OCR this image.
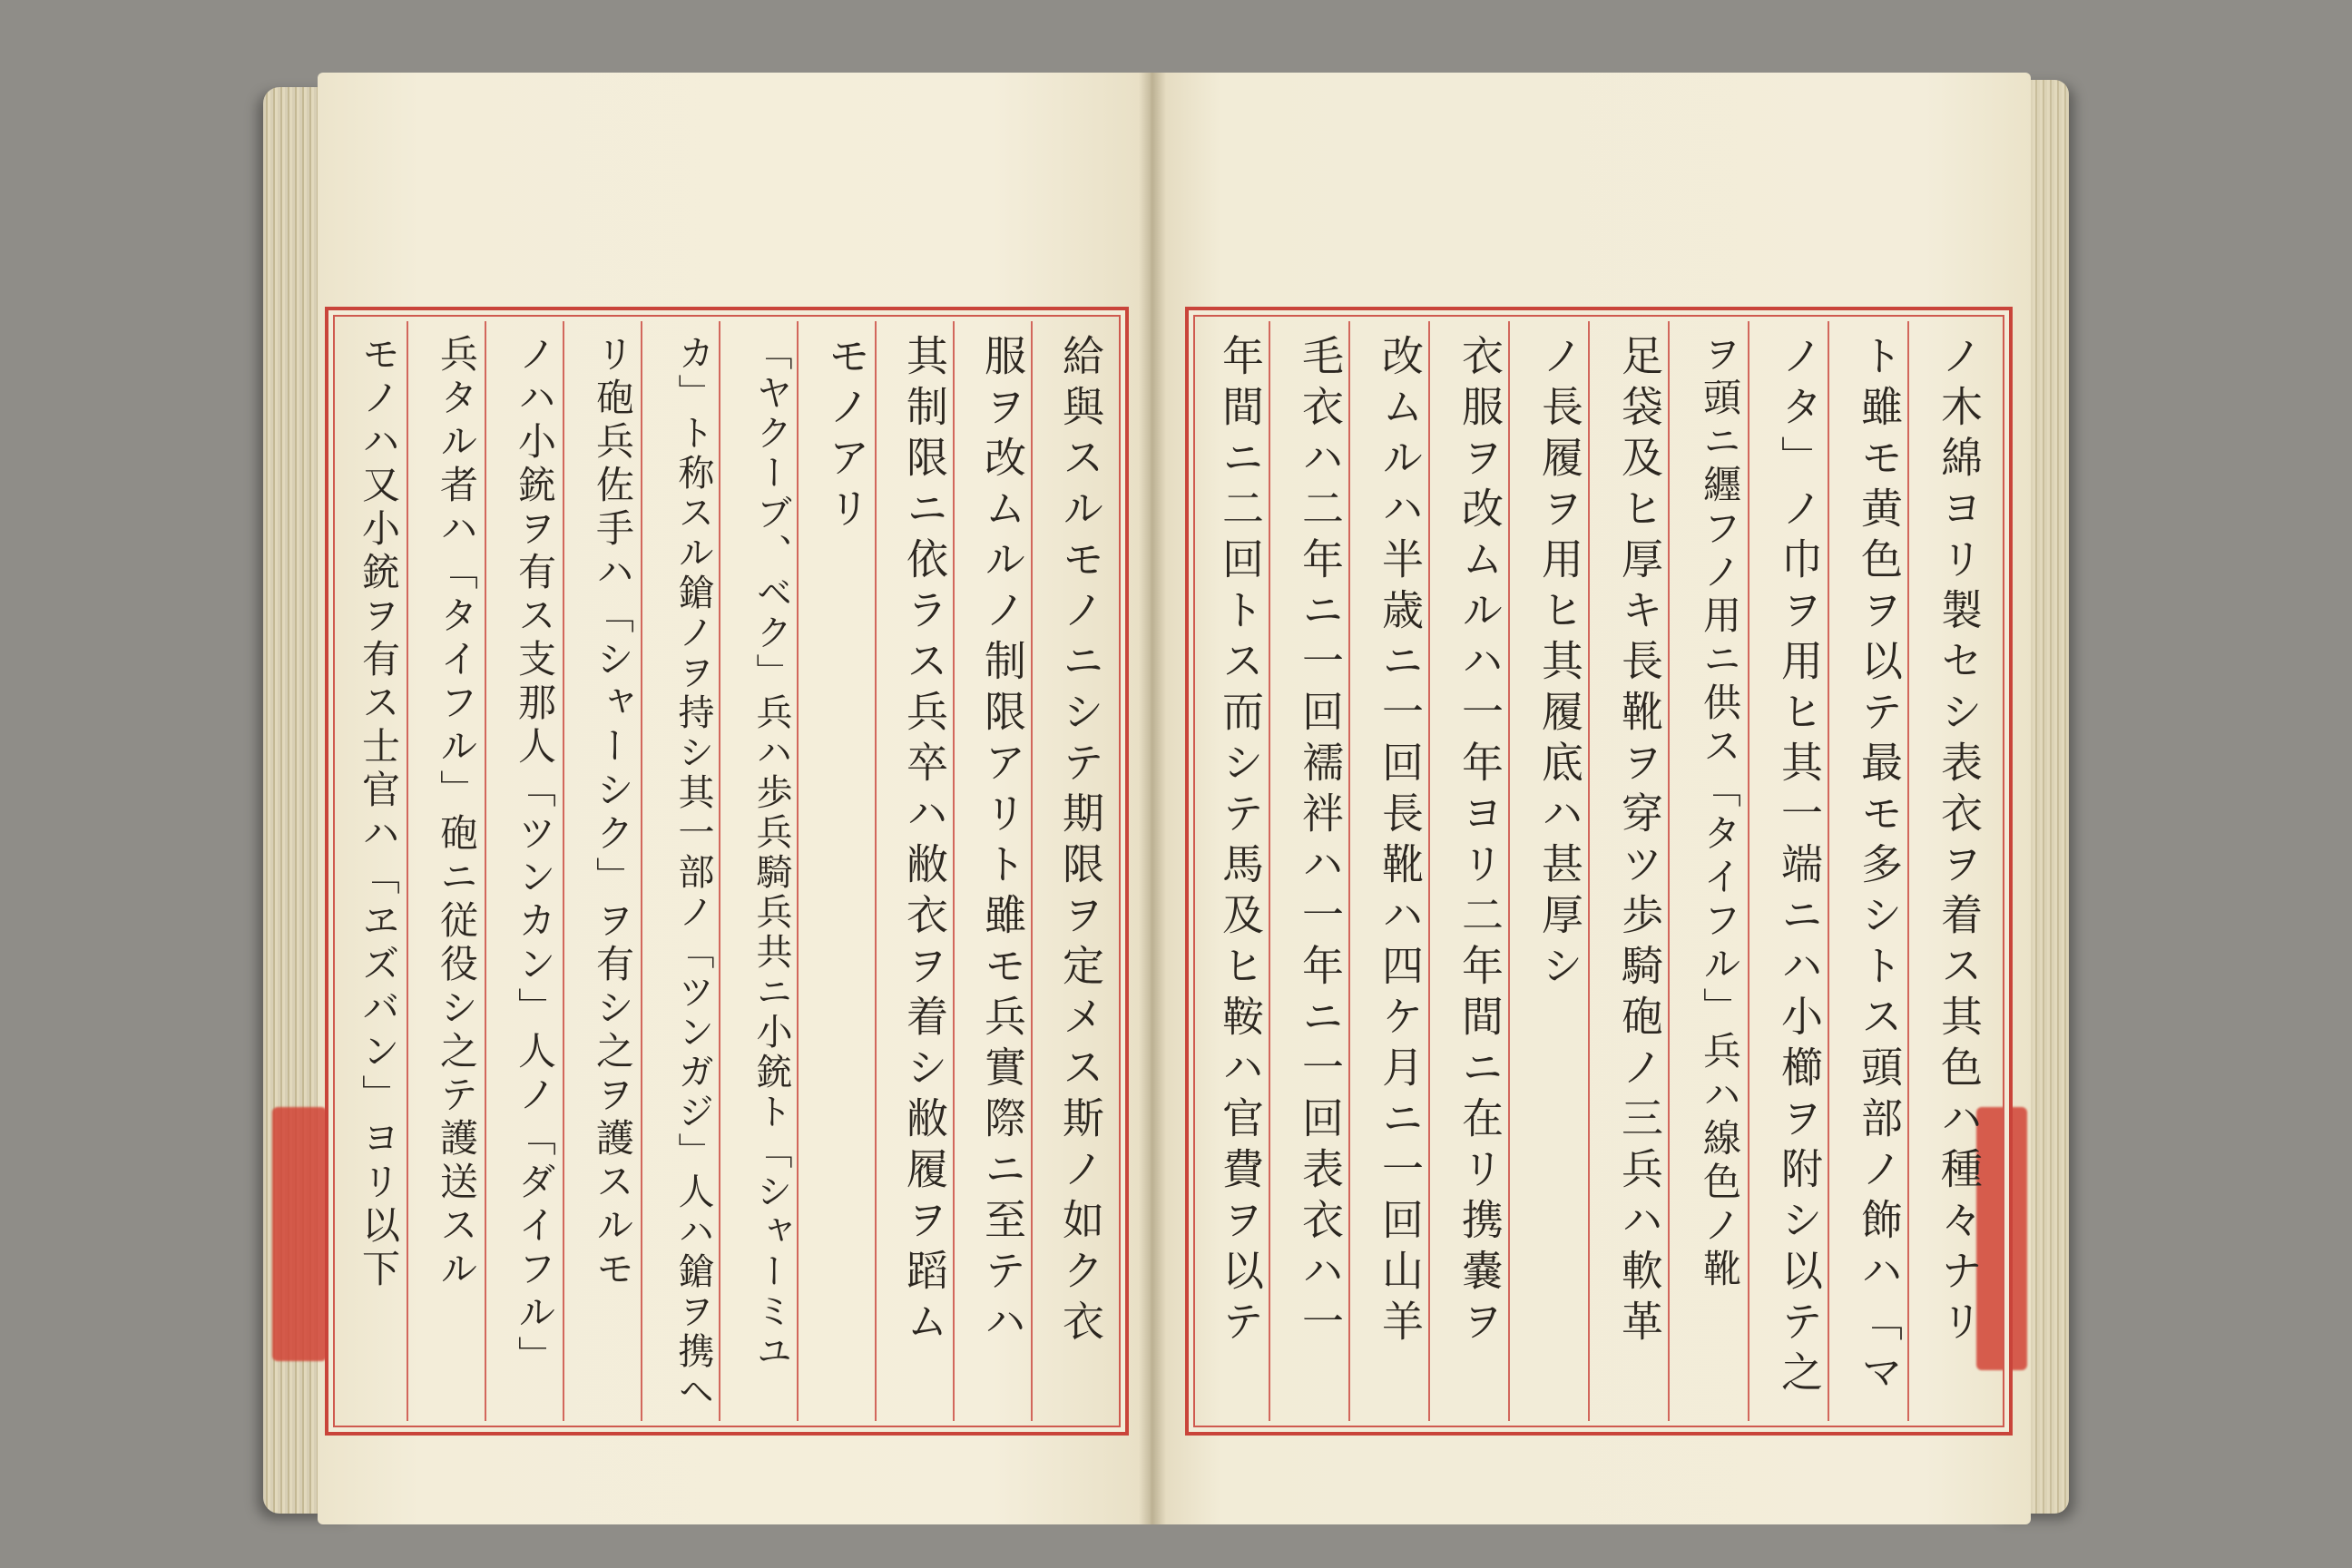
給與スルモノニシテ期限ヲ定メス斯ノ如ク衣
服ヲ改ムルノ制限アリト雖モ兵實際ニ至テハ
其制限ニ依ラス兵卒ハ敝衣ヲ着シ敝履ヲ蹈ム
モノアリ
「ヤクーブ、ベク」兵ハ歩兵騎兵共ニ小銃ト「シャーミユ
カ」ト称スル鎗ノヲ持シ其一部ノ「ツンガジ」人ハ鎗ヲ携ヘ
リ砲兵佐手ハ「シャーシク」ヲ有シ之ヲ護スルモ
ノハ小銃ヲ有ス支那人「ツンカン」人ノ「ダイフル」
兵タル者ハ「タイフル」砲ニ従役シ之テ護送スル
モノハ又小銃ヲ有ス士官ハ「ヱズバン」ヨリ以下	ノ木綿ヨリ製セシ表衣ヲ着ス其色ハ種々ナリ
ト雖モ黄色ヲ以テ最モ多シトス頭部ノ飾ハ「マ
ノタ」ノ巾ヲ用ヒ其一端ニハ小櫛ヲ附シ以テ之
ヲ頭ニ纒フノ用ニ供ス「タイフル」兵ハ線色ノ靴
足袋及ヒ厚キ長靴ヲ穿ツ歩騎砲ノ三兵ハ軟革
ノ長履ヲ用ヒ其履底ハ甚厚シ
衣服ヲ改ムルハ一年ヨリ二年間ニ在リ携嚢ヲ
改ムルハ半歳ニ一回長靴ハ四ケ月ニ一回山羊
毛衣ハ二年ニ一回襦袢ハ一年ニ一回表衣ハ一
年間ニ二回トス而シテ馬及ヒ鞍ハ官費ヲ以テ
